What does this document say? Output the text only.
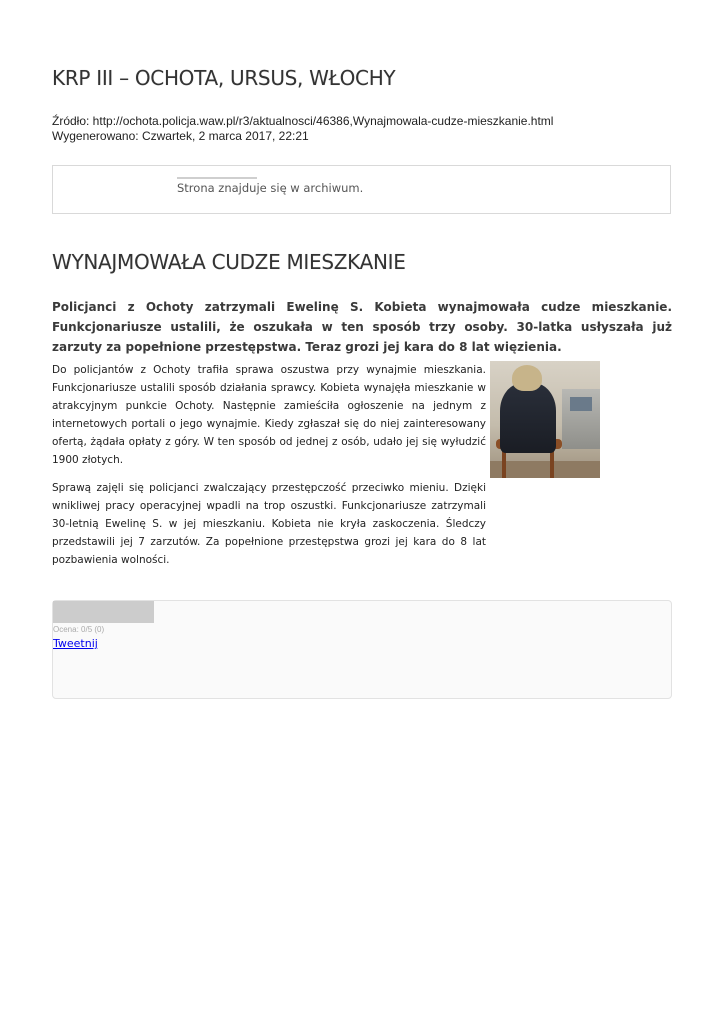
KRP III – OCHOTA, URSUS, WŁOCHY
Źródło: http://ochota.policja.waw.pl/r3/aktualnosci/46386,Wynajmowala-cudze-mieszkanie.html
Wygenerowano: Czwartek, 2 marca 2017, 22:21
Strona znajduje się w archiwum.
WYNAJMOWAŁA CUDZE MIESZKANIE

Policjanci z Ochoty zatrzymali Ewelinę S. Kobieta wynajmowała cudze mieszkanie. Funkcjonariusze ustalili, że oszukała w ten sposób trzy osoby. 30-latka usłyszała już zarzuty za popełnione przestępstwa. Teraz grozi jej kara do 8 lat więzienia.

Do policjantów z Ochoty trafiła sprawa oszustwa przy wynajmie mieszkania. Funkcjonariusze ustalili sposób działania sprawcy. Kobieta wynajęła mieszkanie w atrakcyjnym punkcie Ochoty. Następnie zamieściła ogłoszenie na jednym z internetowych portali o jego wynajmie. Kiedy zgłaszał się do niej zainteresowany ofertą, żądała opłaty z góry. W ten sposób od jednej z osób, udało jej się wyłudzić 1900 złotych.

Sprawą zajęli się policjanci zwalczający przestępczość przeciwko mieniu. Dzięki wnikliwej pracy operacyjnej wpadli na trop oszustki. Funkcjonariusze zatrzymali 30-letnią Ewelinę S. w jej mieszkaniu. Kobieta nie kryła zaskoczenia. Śledczy przedstawili jej 7 zarzutów. Za popełnione przestępstwa grozi jej kara do 8 lat pozbawienia wolności.

Ocena: 0/5 (0)
Tweetnij
